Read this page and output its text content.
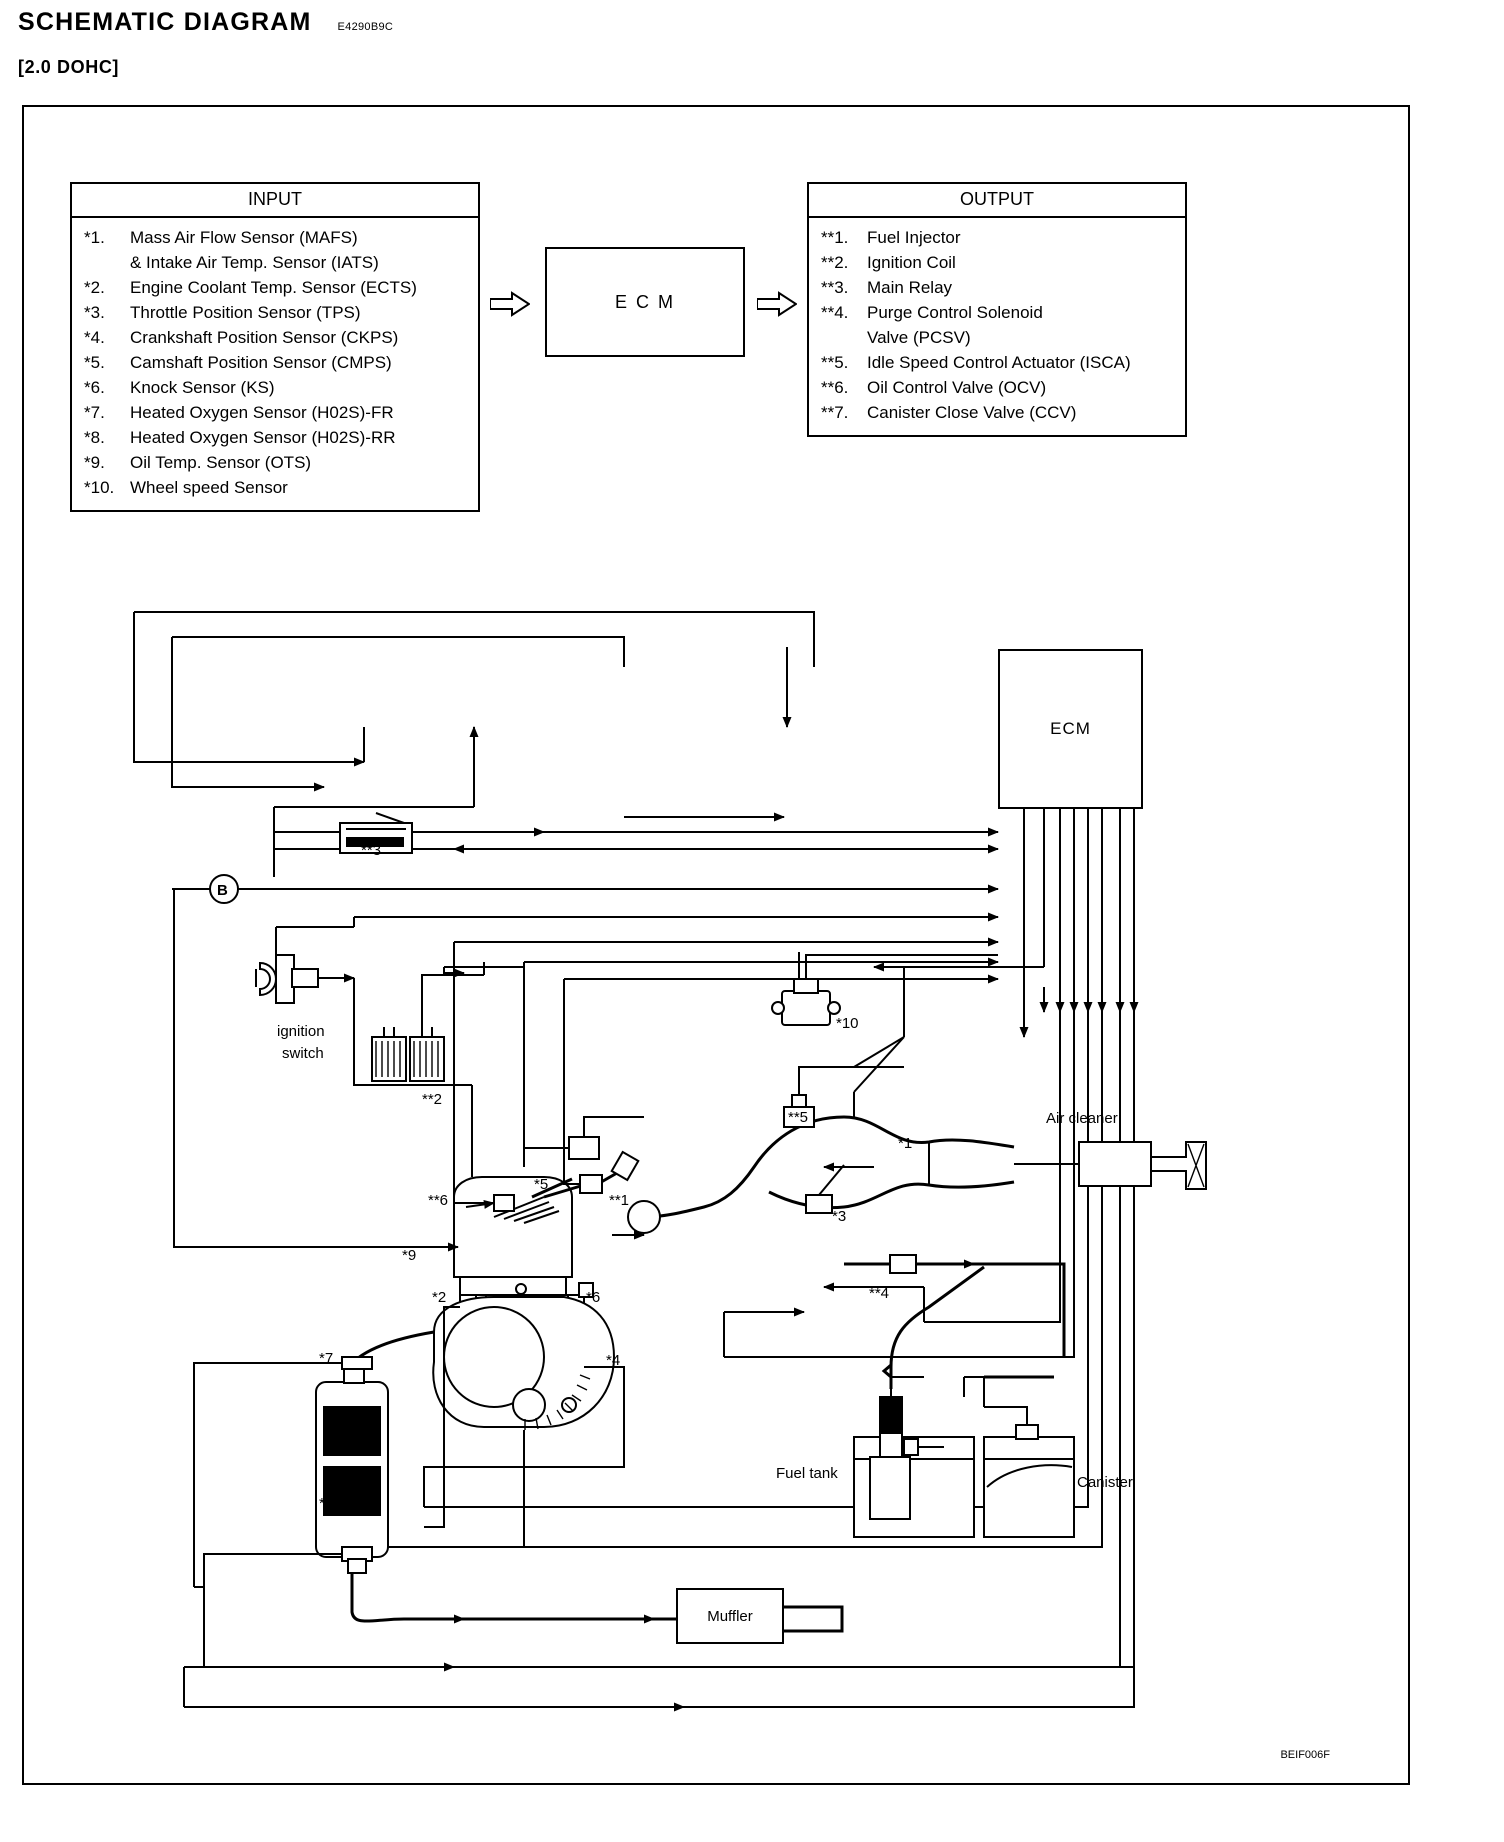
SCHEMATIC DIAGRAM E4290B9C
[2.0 DOHC]
INPUT
*1.	Mass Air Flow Sensor (MAFS)
& Intake Air Temp. Sensor (IATS)
*2.	Engine Coolant Temp. Sensor (ECTS)
*3.	Throttle Position Sensor (TPS)
*4.	Crankshaft Position Sensor (CKPS)
*5.	Camshaft Position Sensor (CMPS)
*6.	Knock Sensor (KS)
*7.	Heated Oxygen Sensor (H02S)-FR
*8.	Heated Oxygen Sensor (H02S)-RR
*9.	Oil Temp. Sensor (OTS)
*10. Wheel speed Sensor
OUTPUT
**1.	Fuel Injector
**2.	Ignition Coil
**3.	Main Relay
**4.	Purge Control Solenoid
Valve (PCSV)
**5.	Idle Speed Control Actuator (ISCA)
**6.	Oil Control Valve (OCV)
**7.	Canister Close Valve (CCV)
E C M
ECM
**3
ignition
switch
**2
*10
**5
*1
Air cleaner
*3
**4
*5
**1
**6
*9
*2	*6
*4
*7
*8
Fuel tank
Canister
Muffler
B
BEIF006F
